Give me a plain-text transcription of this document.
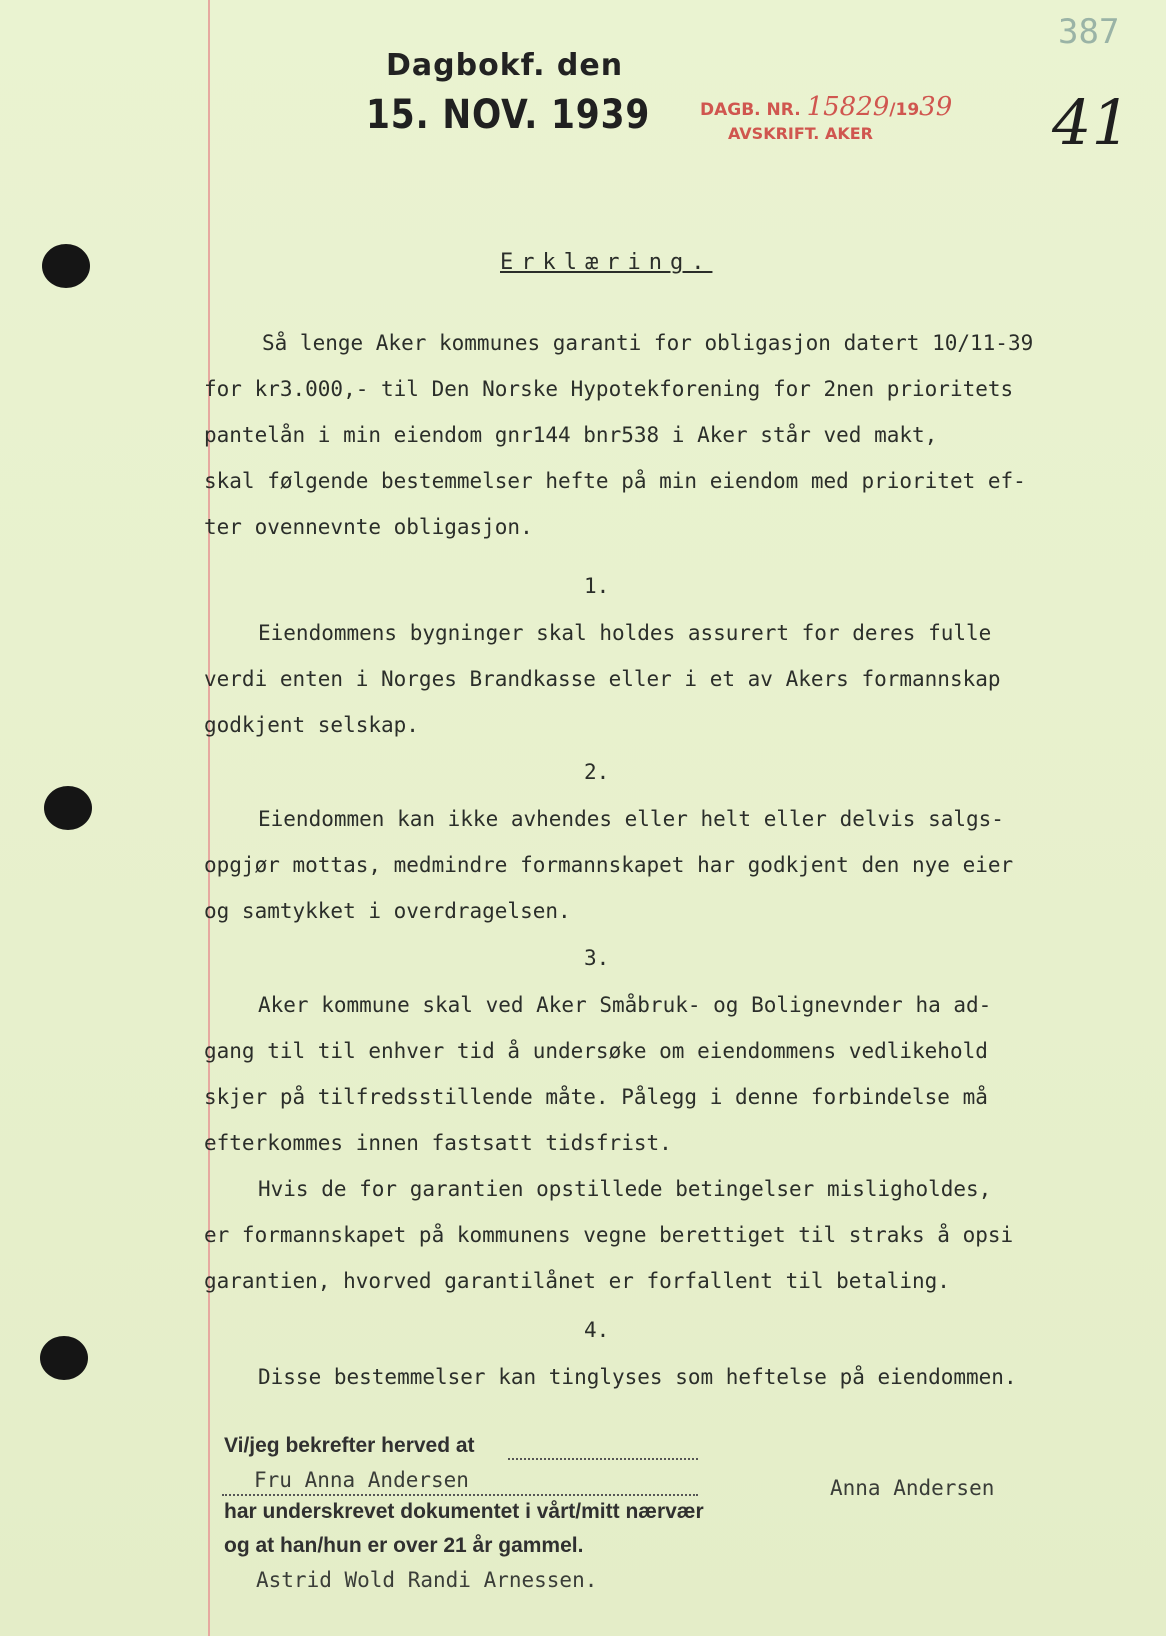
Dagbokf. den
15. NOV. 1939	DAGB. NR. 15829/1939
AVSKRIFT. AKER
387
41
Erklæring.
Så lenge Aker kommunes garanti for obligasjon datert 10/11-39
for kr3.000,- til Den Norske Hypotekforening for 2nen prioritets
pantelån i min eiendom gnr144 bnr538 i Aker står ved makt,
skal følgende bestemmelser hefte på min eiendom med prioritet ef-
ter ovennevnte obligasjon.
1.
Eiendommens bygninger skal holdes assurert for deres fulle
verdi enten i Norges Brandkasse eller i et av Akers formannskap
godkjent selskap.
2.
Eiendommen kan ikke avhendes eller helt eller delvis salgs-
opgjør mottas, medmindre formannskapet har godkjent den nye eier
og samtykket i overdragelsen.
3.
Aker kommune skal ved Aker Småbruk- og Bolignevnder ha ad-
gang til til enhver tid å undersøke om eiendommens vedlikehold
skjer på tilfredsstillende måte. Pålegg i denne forbindelse må
efterkommes innen fastsatt tidsfrist.
Hvis de for garantien opstillede betingelser misligholdes,
er formannskapet på kommunens vegne berettiget til straks å opsi
garantien, hvorved garantilånet er forfallent til betaling.
4.
Disse bestemmelser kan tinglyses som heftelse på eiendommen.
Vi/jeg bekrefter herved at
Fru Anna Andersen	Anna Andersen
har underskrevet dokumentet i vårt/mitt nærvær
og at han/hun er over 21 år gammel.
Astrid Wold Randi Arnessen.
